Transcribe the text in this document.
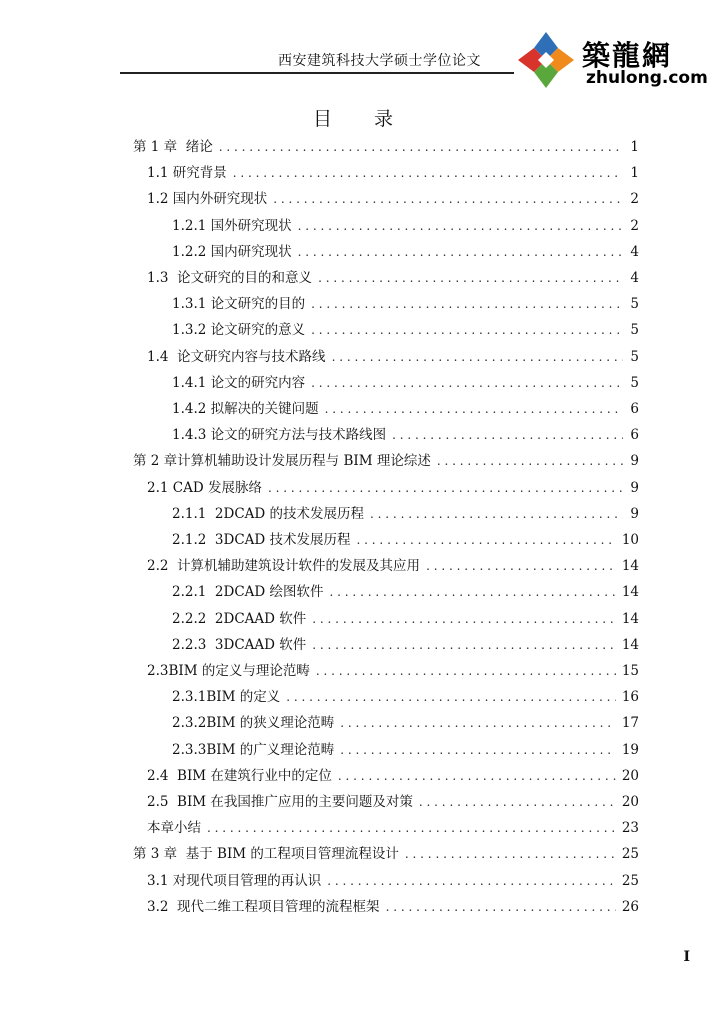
西安建筑科技大学硕士学位论文	築龍網
zhulong.com
目 录
第 1 章  绪论 . . .	1
1.1 研究背景 . . .	1
1.2 国内外研究现状 . . .	2
1.2.1 国外研究现状 . . .	2
1.2.2 国内研究现状 . . .	4
1.3  论文研究的目的和意义 . . .	4
1.3.1 论文研究的目的 . . .	5
1.3.2 论文研究的意义 . . .	5
1.4  论文研究内容与技术路线 . . .	5
1.4.1 论文的研究内容 . . .	5
1.4.2 拟解决的关键问题 . . .	6
1.4.3 论文的研究方法与技术路线图 . . .	6
第 2 章计算机辅助设计发展历程与 BIM 理论综述 . . .	9
2.1 CAD 发展脉络 . . .	9
2.1.1  2DCAD 的技术发展历程 . . .	9
2.1.2  3DCAD 技术发展历程 . . .	10
2.2  计算机辅助建筑设计软件的发展及其应用 . . .	14
2.2.1  2DCAD 绘图软件 . . .	14
2.2.2  2DCAAD 软件 . . .	14
2.2.3  3DCAAD 软件 . . .	14
2.3BIM 的定义与理论范畴 . . .	15
2.3.1BIM 的定义 . . .	16
2.3.2BIM 的狭义理论范畴 . . .	17
2.3.3BIM 的广义理论范畴 . . .	19
2.4  BIM 在建筑行业中的定位 . . .	20
2.5  BIM 在我国推广应用的主要问题及对策 . . .	20
本章小结 . . .	23
第 3 章  基于 BIM 的工程项目管理流程设计 . . .	25
3.1 对现代项目管理的再认识 . . .	25
3.2  现代二维工程项目管理的流程框架 . . .	26
I
